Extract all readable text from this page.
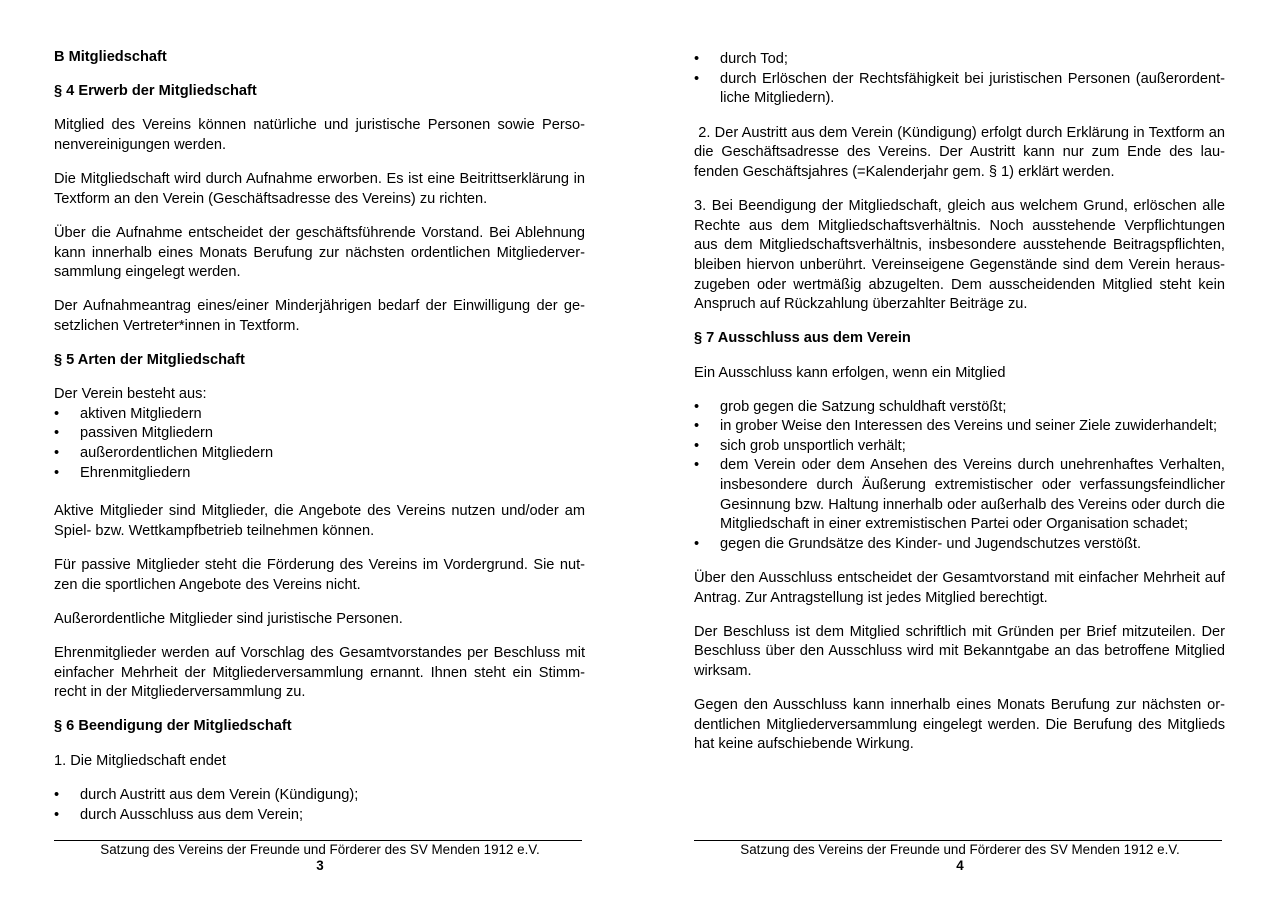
B Mitgliedschaft
§ 4 Erwerb der Mitgliedschaft

Mitglied des Vereins können natürliche und juristische Personen sowie Perso-nenvereinigungen werden.

Die Mitgliedschaft wird durch Aufnahme erworben. Es ist eine Beitrittserklärung in Textform an den Verein (Geschäftsadresse des Vereins) zu richten.

Über die Aufnahme entscheidet der geschäftsführende Vorstand. Bei Ablehnung kann innerhalb eines Monats Berufung zur nächsten ordentlichen Mitgliederver-sammlung eingelegt werden.

Der Aufnahmeantrag eines/einer Minderjährigen bedarf der Einwilligung der ge-setzlichen Vertreter*innen in Textform.

§ 5 Arten der Mitgliedschaft

Der Verein besteht aus:

• aktiven Mitgliedern
• passiven Mitgliedern
• außerordentlichen Mitgliedern
• Ehrenmitgliedern

Aktive Mitglieder sind Mitglieder, die Angebote des Vereins nutzen und/oder am Spiel- bzw. Wettkampfbetrieb teilnehmen können.

Für passive Mitglieder steht die Förderung des Vereins im Vordergrund. Sie nut-zen die sportlichen Angebote des Vereins nicht.

Außerordentliche Mitglieder sind juristische Personen.

Ehrenmitglieder werden auf Vorschlag des Gesamtvorstandes per Beschluss mit einfacher Mehrheit der Mitgliederversammlung ernannt. Ihnen steht ein Stimm-recht in der Mitgliederversammlung zu.

§ 6 Beendigung der Mitgliedschaft

1. Die Mitgliedschaft endet

• durch Austritt aus dem Verein (Kündigung);
• durch Ausschluss aus dem Verein;
Satzung des Vereins der Freunde und Förderer des SV Menden 1912 e.V.
3
• durch Tod;
• durch Erlöschen der Rechtsfähigkeit bei juristischen Personen (außerordent-liche Mitgliedern).

2. Der Austritt aus dem Verein (Kündigung) erfolgt durch Erklärung in Textform an die Geschäftsadresse des Vereins. Der Austritt kann nur zum Ende des lau-fenden Geschäftsjahres (=Kalenderjahr gem. § 1) erklärt werden.

3. Bei Beendigung der Mitgliedschaft, gleich aus welchem Grund, erlöschen alle Rechte aus dem Mitgliedschaftsverhältnis. Noch ausstehende Verpflichtungen aus dem Mitgliedschaftsverhältnis, insbesondere ausstehende Beitragspflichten, bleiben hiervon unberührt. Vereinseigene Gegenstände sind dem Verein heraus-zugeben oder wertmäßig abzugelten. Dem ausscheidenden Mitglied steht kein Anspruch auf Rückzahlung überzahlter Beiträge zu.

§ 7 Ausschluss aus dem Verein

Ein Ausschluss kann erfolgen, wenn ein Mitglied

• grob gegen die Satzung schuldhaft verstößt;
• in grober Weise den Interessen des Vereins und seiner Ziele zuwiderhandelt;
• sich grob unsportlich verhält;
• dem Verein oder dem Ansehen des Vereins durch unehrenhaftes Verhalten, insbesondere durch Äußerung extremistischer oder verfassungsfeindlicher Gesinnung bzw. Haltung innerhalb oder außerhalb des Vereins oder durch die Mitgliedschaft in einer extremistischen Partei oder Organisation schadet;
• gegen die Grundsätze des Kinder- und Jugendschutzes verstößt.

Über den Ausschluss entscheidet der Gesamtvorstand mit einfacher Mehrheit auf Antrag. Zur Antragstellung ist jedes Mitglied berechtigt.

Der Beschluss ist dem Mitglied schriftlich mit Gründen per Brief mitzuteilen. Der Beschluss über den Ausschluss wird mit Bekanntgabe an das betroffene Mitglied wirksam.

Gegen den Ausschluss kann innerhalb eines Monats Berufung zur nächsten or-dentlichen Mitgliederversammlung eingelegt werden. Die Berufung des Mitglieds hat keine aufschiebende Wirkung.

Satzung des Vereins der Freunde und Förderer des SV Menden 1912 e.V.
4
